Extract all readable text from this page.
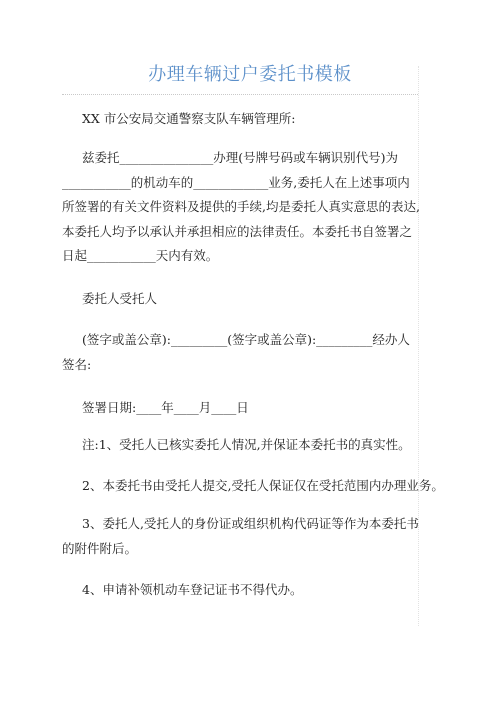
办理车辆过户委托书模板

XX 市公安局交通警察支队车辆管理所:

兹委托_______________办理(号牌号码或车辆识别代号)为___________的机动车的____________业务,委托人在上述事项内所签署的有关文件资料及提供的手续,均是委托人真实意思的表达,本委托人均予以承认并承担相应的法律责任。本委托书自签署之日起___________天内有效。

委托人受托人

(签字或盖公章):_________(签字或盖公章):_________经办人签名:

签署日期:____年____月____日

注:1、受托人已核实委托人情况,并保证本委托书的真实性。

2、本委托书由受托人提交,受托人保证仅在受托范围内办理业务。

3、委托人,受托人的身份证或组织机构代码证等作为本委托书的附件附后。

4、申请补领机动车登记证书不得代办。
